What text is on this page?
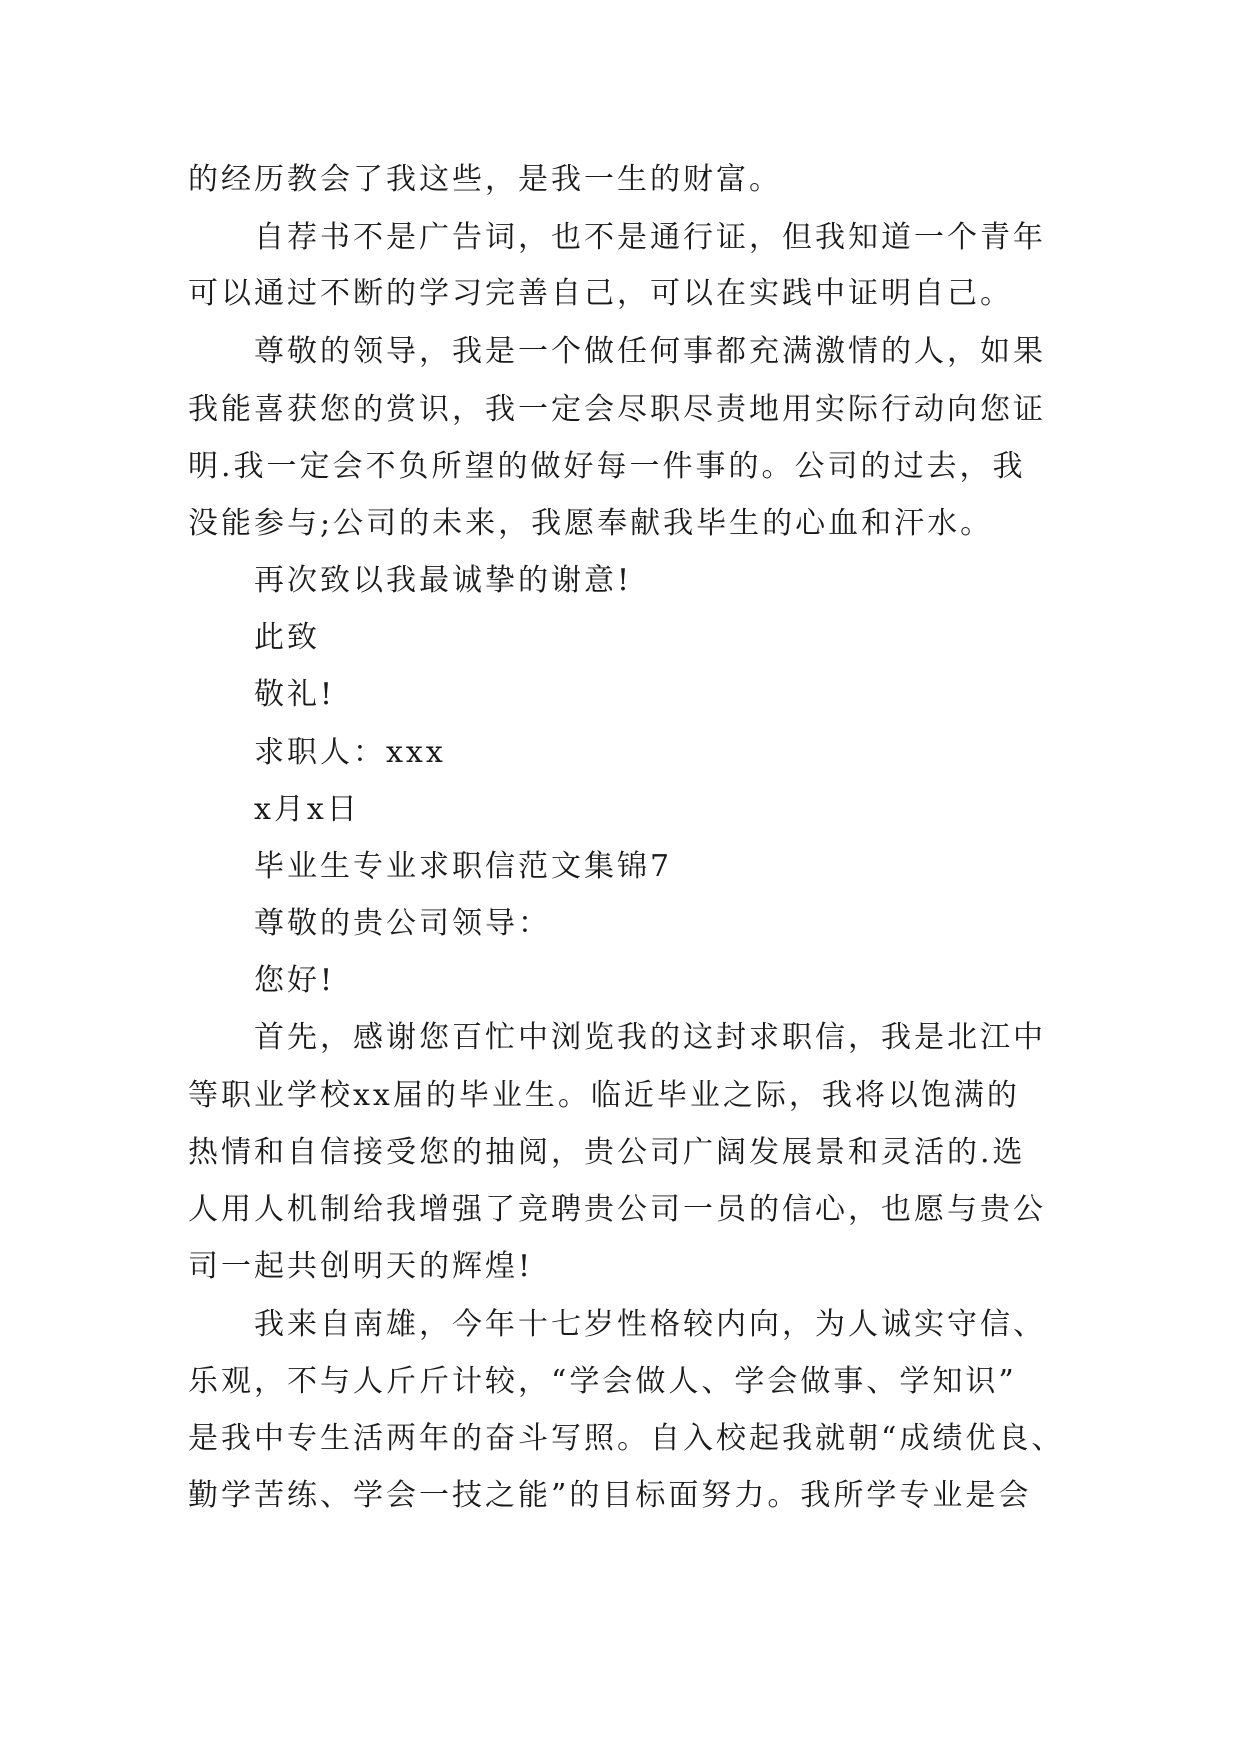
的经历教会了我这些，是我一生的财富。
自荐书不是广告词，也不是通行证，但我知道一个青年
可以通过不断的学习完善自己，可以在实践中证明自己。
尊敬的领导，我是一个做任何事都充满激情的人，如果
我能喜获您的赏识，我一定会尽职尽责地用实际行动向您证
明.我一定会不负所望的做好每一件事的。公司的过去，我
没能参与;公司的未来，我愿奉献我毕生的心血和汗水。
再次致以我最诚挚的谢意!
此致
敬礼!
求职人：xxx
x月x日
毕业生专业求职信范文集锦7
尊敬的贵公司领导：
您好!
首先，感谢您百忙中浏览我的这封求职信，我是北江中
等职业学校xx届的毕业生。临近毕业之际，我将以饱满的
热情和自信接受您的抽阅，贵公司广阔发展景和灵活的.选
人用人机制给我增强了竞聘贵公司一员的信心，也愿与贵公
司一起共创明天的辉煌!
我来自南雄，今年十七岁性格较内向，为人诚实守信、
乐观，不与人斤斤计较，“学会做人、学会做事、学知识”
是我中专生活两年的奋斗写照。自入校起我就朝“成绩优良、
勤学苦练、学会一技之能”的目标面努力。我所学专业是会
